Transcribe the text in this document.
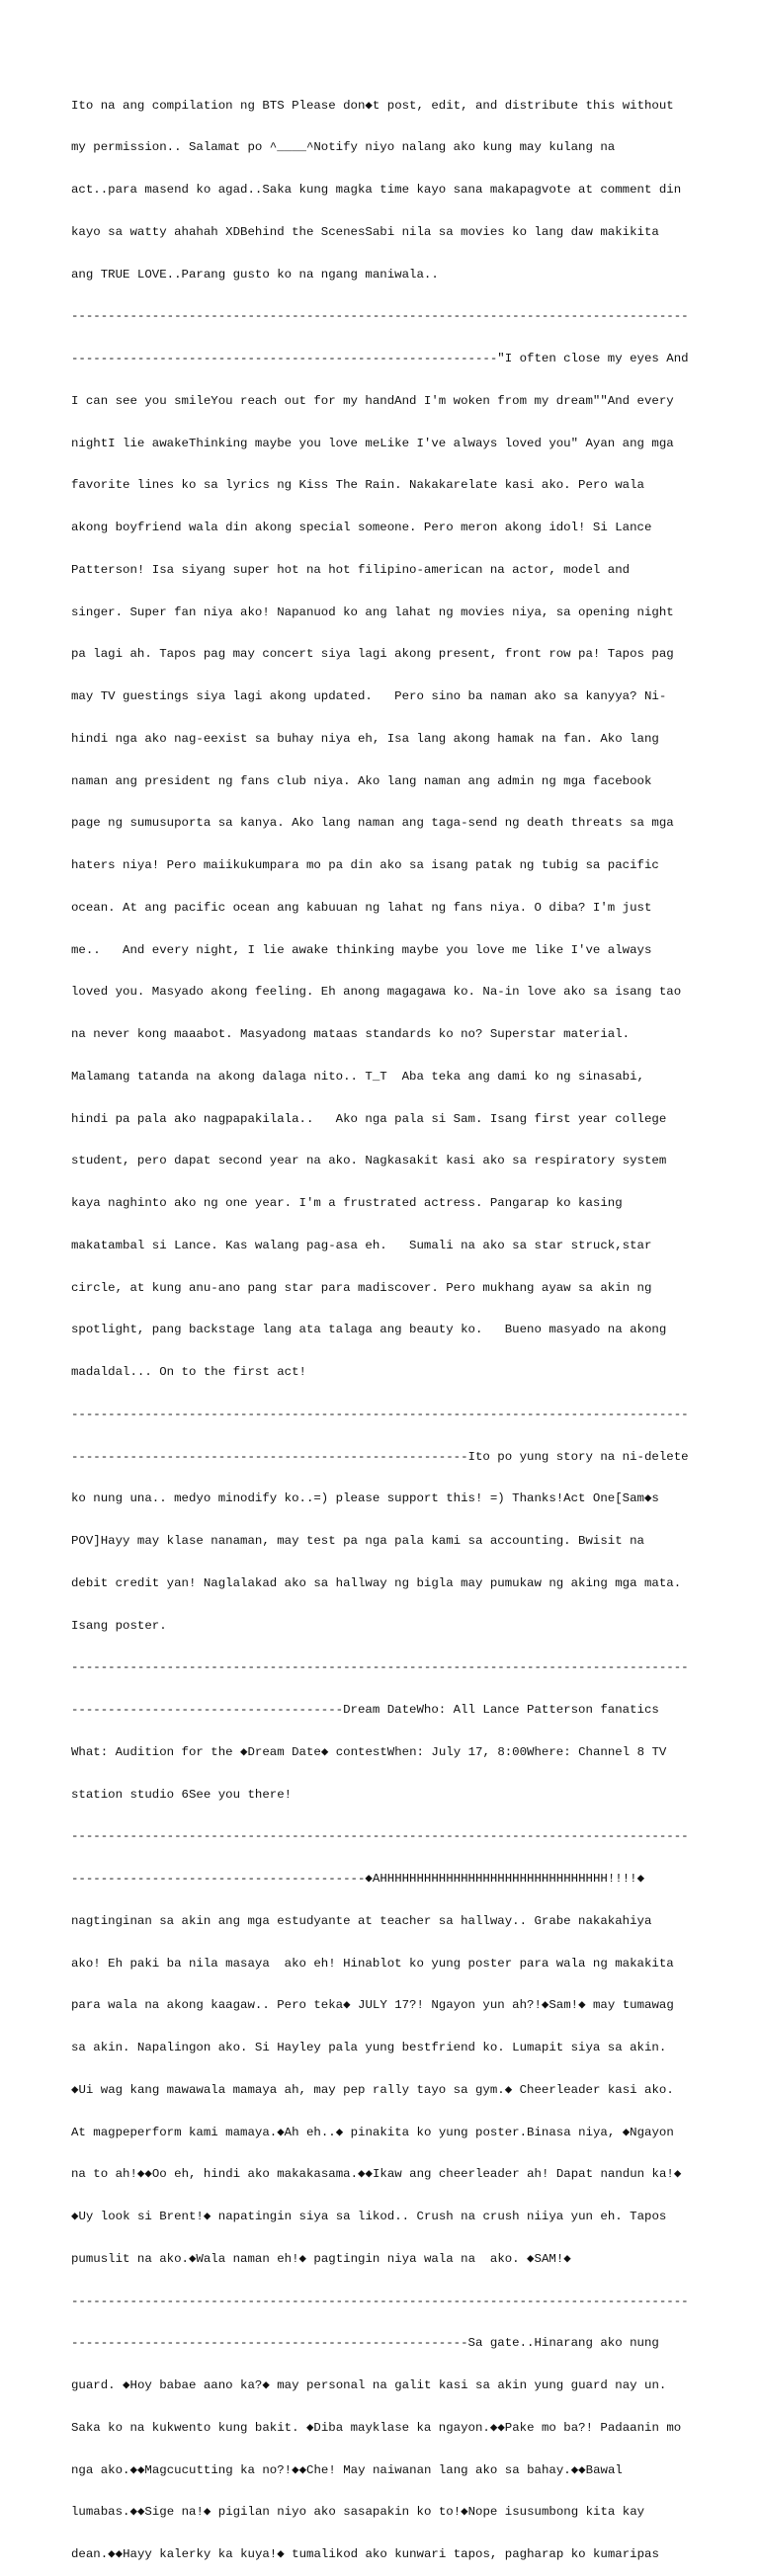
Ito na ang compilation ng BTS Please don◆t post, edit, and distribute this without

my permission.. Salamat po ^____^Notify niyo nalang ako kung may kulang na

act..para masend ko agad..Saka kung magka time kayo sana makapagvote at comment din

kayo sa watty ahahah XDBehind the ScenesSabi nila sa movies ko lang daw makikita

ang TRUE LOVE..Parang gusto ko na ngang maniwala..

------------------------------------------------------------------------------------

----------------------------------------------------------"I often close my eyes And

I can see you smileYou reach out for my handAnd I'm woken from my dream""And every

nightI lie awakeThinking maybe you love meLike I've always loved you" Ayan ang mga

favorite lines ko sa lyrics ng Kiss The Rain. Nakakarelate kasi ako. Pero wala

akong boyfriend wala din akong special someone. Pero meron akong idol! Si Lance

Patterson! Isa siyang super hot na hot filipino-american na actor, model and

singer. Super fan niya ako! Napanuod ko ang lahat ng movies niya, sa opening night

pa lagi ah. Tapos pag may concert siya lagi akong present, front row pa! Tapos pag

may TV guestings siya lagi akong updated.   Pero sino ba naman ako sa kanyya? Ni-

hindi nga ako nag-eexist sa buhay niya eh, Isa lang akong hamak na fan. Ako lang

naman ang president ng fans club niya. Ako lang naman ang admin ng mga facebook

page ng sumusuporta sa kanya. Ako lang naman ang taga-send ng death threats sa mga

haters niya! Pero maiikukumpara mo pa din ako sa isang patak ng tubig sa pacific

ocean. At ang pacific ocean ang kabuuan ng lahat ng fans niya. O diba? I'm just

me..   And every night, I lie awake thinking maybe you love me like I've always

loved you. Masyado akong feeling. Eh anong magagawa ko. Na-in love ako sa isang tao

na never kong maaabot. Masyadong mataas standards ko no? Superstar material.

Malamang tatanda na akong dalaga nito.. T_T  Aba teka ang dami ko ng sinasabi,

hindi pa pala ako nagpapakilala..   Ako nga pala si Sam. Isang first year college

student, pero dapat second year na ako. Nagkasakit kasi ako sa respiratory system

kaya naghinto ako ng one year. I'm a frustrated actress. Pangarap ko kasing

makatambal si Lance. Kas walang pag-asa eh.   Sumali na ako sa star struck,star

circle, at kung anu-ano pang star para madiscover. Pero mukhang ayaw sa akin ng

spotlight, pang backstage lang ata talaga ang beauty ko.   Bueno masyado na akong

madaldal... On to the first act!

------------------------------------------------------------------------------------

------------------------------------------------------Ito po yung story na ni-delete

ko nung una.. medyo minodify ko..=) please support this! =) Thanks!Act One[Sam◆s

POV]Hayy may klase nanaman, may test pa nga pala kami sa accounting. Bwisit na

debit credit yan! Naglalakad ako sa hallway ng bigla may pumukaw ng aking mga mata.

Isang poster.

------------------------------------------------------------------------------------

-------------------------------------Dream DateWho: All Lance Patterson fanatics

What: Audition for the ◆Dream Date◆ contestWhen: July 17, 8:00Where: Channel 8 TV

station studio 6See you there!

------------------------------------------------------------------------------------

----------------------------------------◆AHHHHHHHHHHHHHHHHHHHHHHHHHHHHHHH!!!!◆

nagtinginan sa akin ang mga estudyante at teacher sa hallway.. Grabe nakakahiya

ako! Eh paki ba nila masaya  ako eh! Hinablot ko yung poster para wala ng makakita

para wala na akong kaagaw.. Pero teka◆ JULY 17?! Ngayon yun ah?!◆Sam!◆ may tumawag

sa akin. Napalingon ako. Si Hayley pala yung bestfriend ko. Lumapit siya sa akin.

◆Ui wag kang mawawala mamaya ah, may pep rally tayo sa gym.◆ Cheerleader kasi ako.

At magpeperform kami mamaya.◆Ah eh..◆ pinakita ko yung poster.Binasa niya, ◆Ngayon

na to ah!◆◆Oo eh, hindi ako makakasama.◆◆Ikaw ang cheerleader ah! Dapat nandun ka!◆

◆Uy look si Brent!◆ napatingin siya sa likod.. Crush na crush niiya yun eh. Tapos

pumuslit na ako.◆Wala naman eh!◆ pagtingin niya wala na  ako. ◆SAM!◆

------------------------------------------------------------------------------------

------------------------------------------------------Sa gate..Hinarang ako nung

guard. ◆Hoy babae aano ka?◆ may personal na galit kasi sa akin yung guard nay un.

Saka ko na kukwento kung bakit. ◆Diba mayklase ka ngayon.◆◆Pake mo ba?! Padaanin mo

nga ako.◆◆Magcucutting ka no?!◆◆Che! May naiwanan lang ako sa bahay.◆◆Bawal

lumabas.◆◆Sige na!◆ pigilan niyo ako sasapakin ko to!◆Nope isusumbong kita kay

dean.◆◆Hayy kalerky ka kuya!◆ tumalikod ako kunwari tapos, pagharap ko kumaripas
